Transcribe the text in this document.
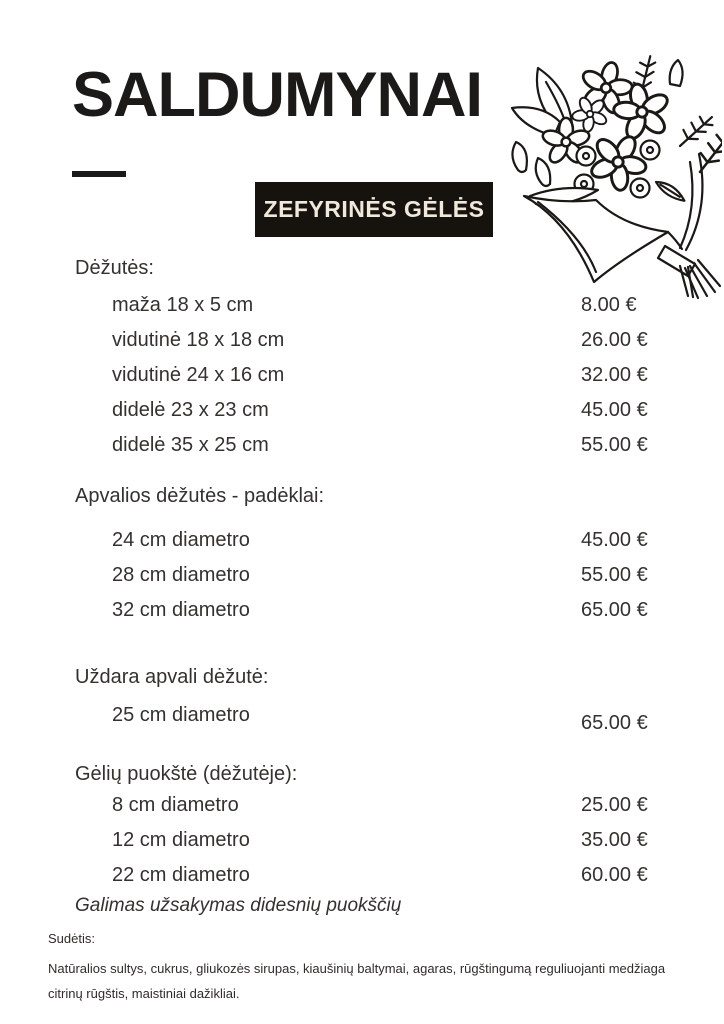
SALDUMYNAI
ZEFYRINĖS GĖLĖS
Dėžutės:
maža 18 x 5 cm	8.00 €
vidutinė 18 x 18 cm	26.00 €
vidutinė 24 x 16 cm	32.00 €
didelė 23 x 23 cm	45.00 €
didelė 35 x 25 cm	55.00 €
Apvalios dėžutės - padėklai:
24 cm diametro	45.00 €
28 cm diametro	55.00 €
32 cm diametro	65.00 €
Uždara apvali dėžutė:
25 cm diametro	65.00 €
Gėlių puokštė (dėžutėje):
8 cm diametro	25.00 €
12 cm diametro	35.00 €
22 cm diametro	60.00 €
Galimas užsakymas didesnių puokščių
Sudėtis:

Natūralios sultys, cukrus, gliukozės sirupas, kiaušinių baltymai, agaras, rūgštingumą reguliuojanti medžiaga citrinų rūgštis, maistiniai dažikliai.
